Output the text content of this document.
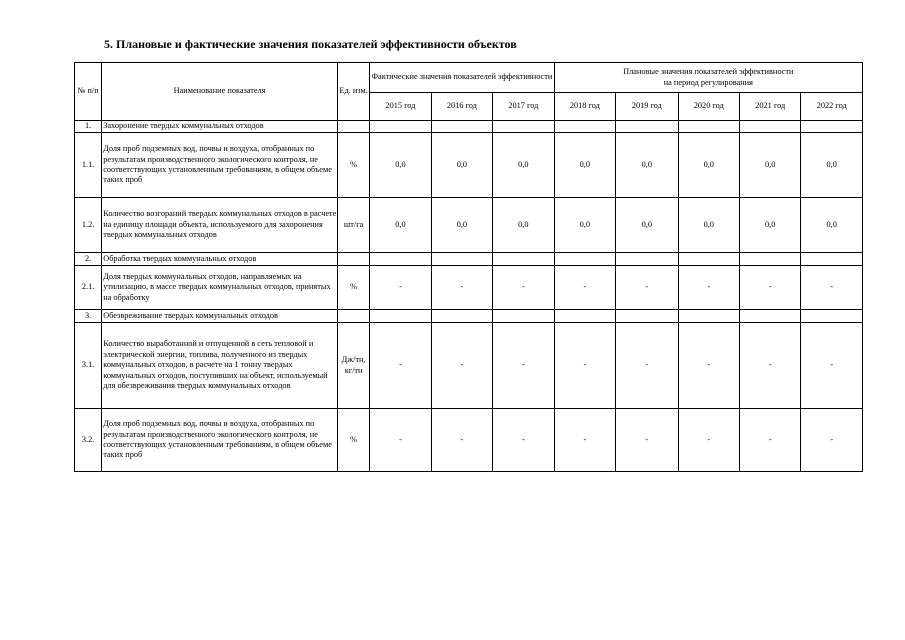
5. Плановые и фактические значения показателей эффективности объектов
№ п/п	Наименование показателя	Ед. изм.	Фактические значения показателей эффективности			Плановые значения показателей эффективности
на период регулирования				

			2015 год	2016 год	2017 год	2018 год	2019 год	2020 год	2021 год	2022 год
1.	Захоронение твердых коммунальных отходов									
1.1.	Доля проб подземных вод, почвы и воздуха, отобранных по результатам производственного экологического контроля, не соответствующих установленным требованиям, в общем объеме таких проб	%	0,0	0,0	0,0	0,0	0,0	0,0	0,0	0,0
1.2.	Количество возгораний твердых коммунальных отходов в расчете на единицу площади объекта, используемого для захоронения твердых коммунальных отходов	шт/га	0,0	0,0	0,0	0,0	0,0	0,0	0,0	0,0
2.	Обработка твердых коммунальных отходов									
2.1.	Доля твердых коммунальных отходов, направляемых на утилизацию, в массе твердых коммунальных отходов, принятых на обработку	%	-	-	-	-	-	-	-	-
3.	Обезвреживание твердых коммунальных отходов									
3.1.	Количество выработанной и отпущенной в сеть тепловой и электрической энергии, топлива, полученного из твердых коммунальных отходов, в расчете на 1 тонну твердых коммунальных отходов, поступивших на объект, используемый для обезвреживания твердых коммунальных отходов	Дж/тн, кг/тн	-	-	-	-	-	-	-	-
3.2.	Доля проб подземных вод, почвы и воздуха, отобранных по результатам производственного экологического контроля, не соответствующих установленным требованиям, в общем объеме таких проб	%	-	-	-	-	-	-	-	-
